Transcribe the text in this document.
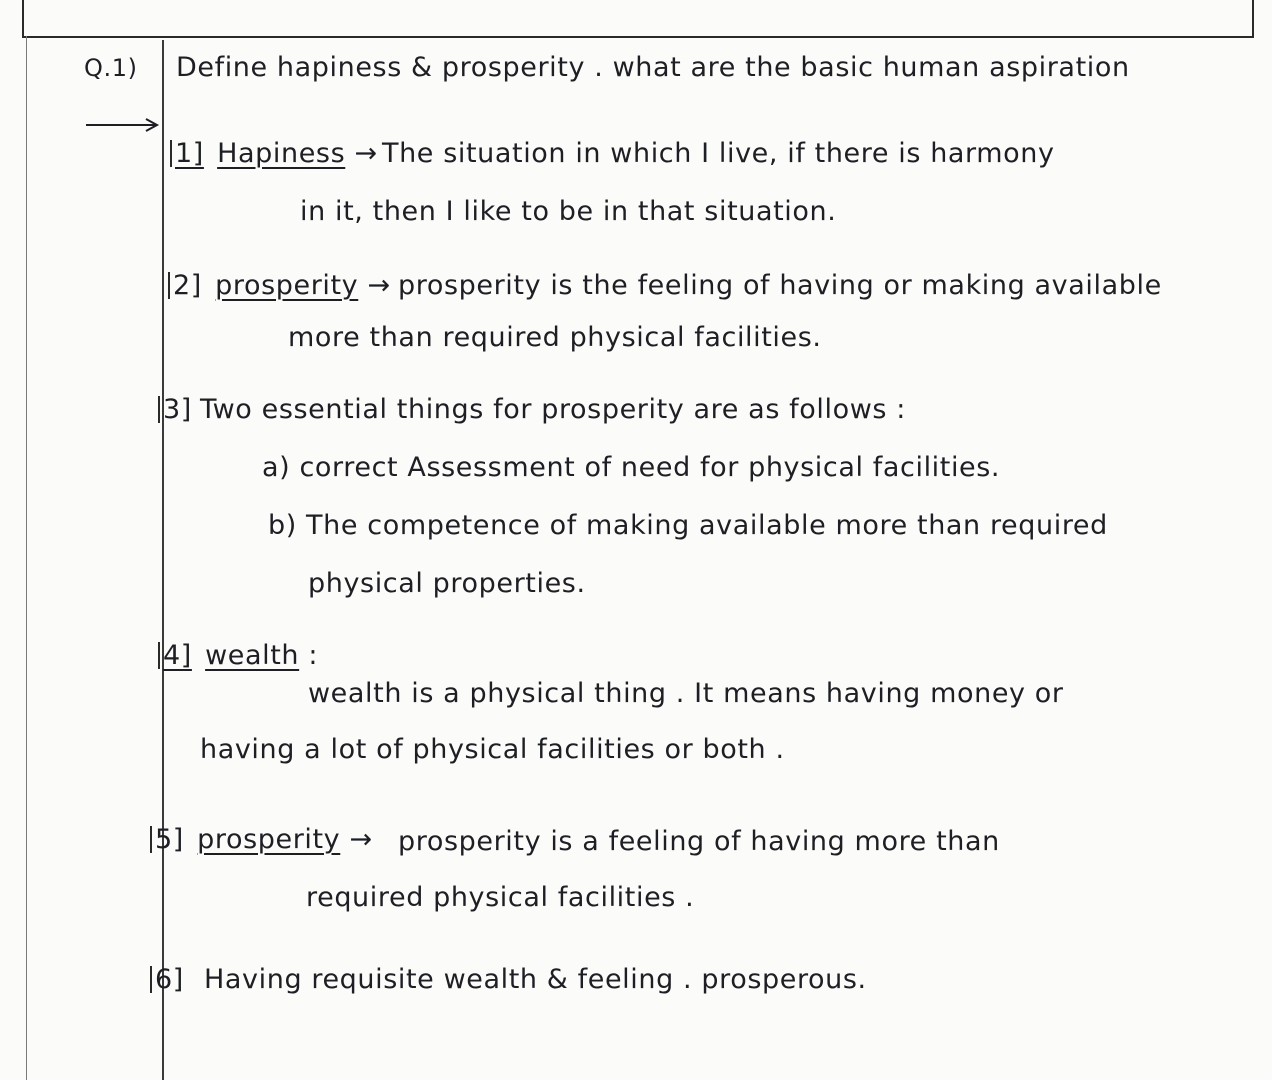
Q.1) Define hapiness & prosperity . what are the basic human aspiration
1] Hapiness → The situation in which I live, if there is harmony
in it, then I like to be in that situation.
2] prosperity → prosperity is the feeling of having or making available
more than required physical facilities.
3] Two essential things for prosperity are as follows :
a) correct Assessment of need for physical facilities.
b) The competence of making available more than required
physical properties.
4] wealth :
wealth is a physical thing . It means having money or
having a lot of physical facilities or both .
5] prosperity → prosperity is a feeling of having more than
required physical facilities .
6] Having requisite wealth & feeling . prosperous.
